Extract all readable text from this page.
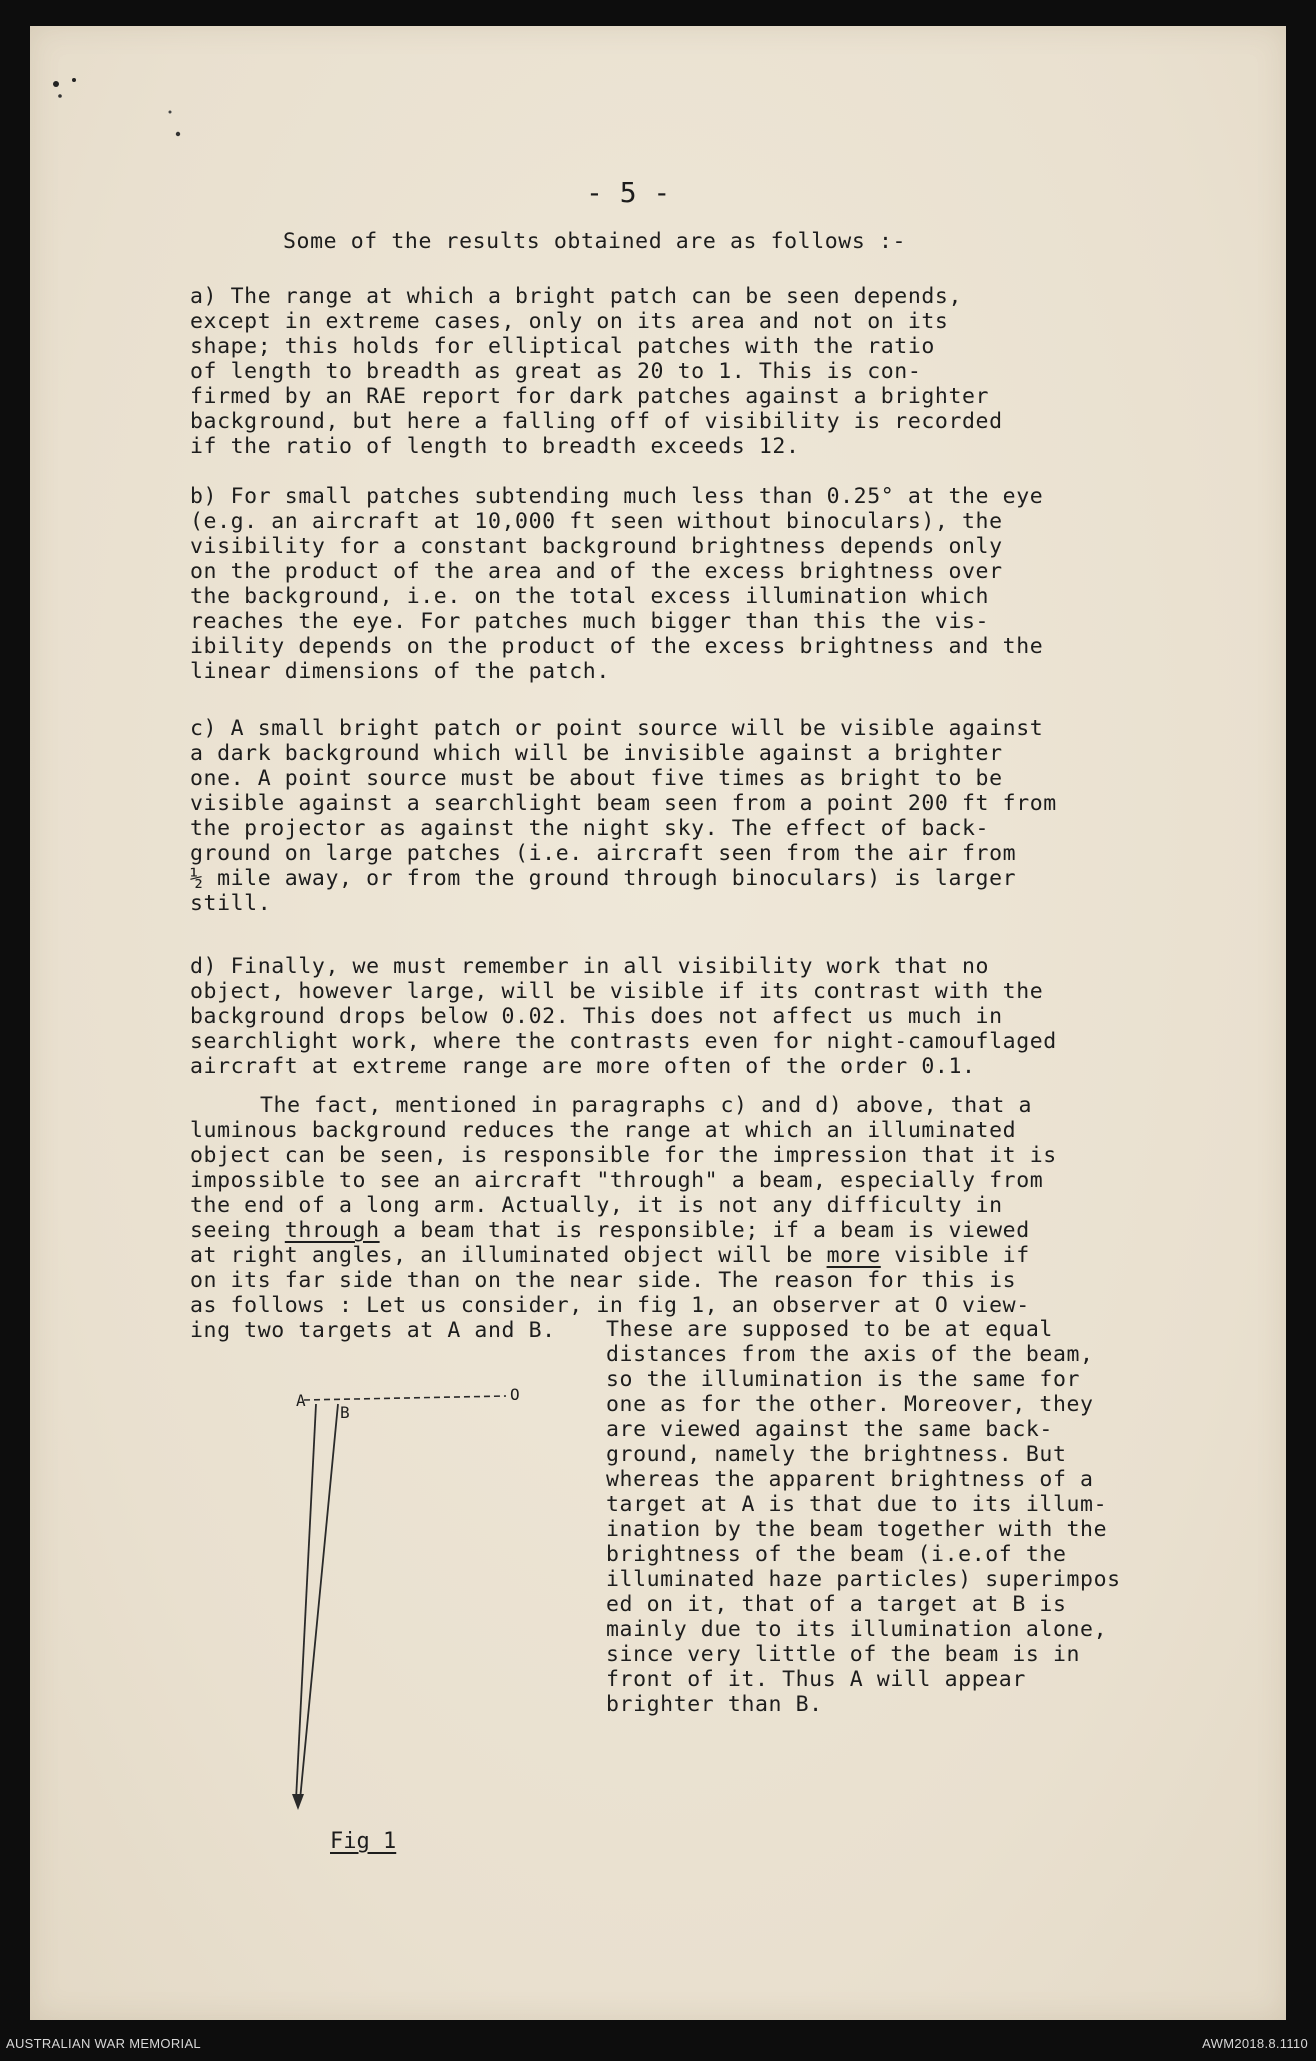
- 5 -
Some of the results obtained are as follows :-
a) The range at which a bright patch can be seen depends,
except in extreme cases, only on its area and not on its
shape; this holds for elliptical patches with the ratio
of length to breadth as great as 20 to 1. This is con-
firmed by an RAE report for dark patches against a brighter
background, but here a falling off of visibility is recorded
if the ratio of length to breadth exceeds 12.
b) For small patches subtending much less than 0.25° at the eye
(e.g. an aircraft at 10,000 ft seen without binoculars), the
visibility for a constant background brightness depends only
on the product of the area and of the excess brightness over
the background, i.e. on the total excess illumination which
reaches the eye. For patches much bigger than this the vis-
ibility depends on the product of the excess brightness and the
linear dimensions of the patch.
c) A small bright patch or point source will be visible against
a dark background which will be invisible against a brighter
one. A point source must be about five times as bright to be
visible against a searchlight beam seen from a point 200 ft from
the projector as against the night sky. The effect of back-
ground on large patches (i.e. aircraft seen from the air from
½ mile away, or from the ground through binoculars) is larger
still.
d) Finally, we must remember in all visibility work that no
object, however large, will be visible if its contrast with the
background drops below 0.02. This does not affect us much in
searchlight work, where the contrasts even for night-camouflaged
aircraft at extreme range are more often of the order 0.1.
The fact, mentioned in paragraphs c) and d) above, that a
luminous background reduces the range at which an illuminated
object can be seen, is responsible for the impression that it is
impossible to see an aircraft "through" a beam, especially from
the end of a long arm. Actually, it is not any difficulty in
seeing through a beam that is responsible; if a beam is viewed
at right angles, an illuminated object will be more visible if
on its far side than on the near side. The reason for this is
as follows : Let us consider, in fig 1, an observer at O view-
ing two targets at A and B.	These are supposed to be at equal
distances from the axis of the beam,
so the illumination is the same for
one as for the other. Moreover, they
are viewed against the same back-
ground, namely the brightness. But
whereas the apparent brightness of a
target at A is that due to its illum-
ination by the beam together with the
brightness of the beam (i.e.of the
illuminated haze particles) superimpos
ed on it, that of a target at B is
mainly due to its illumination alone,
since very little of the beam is in
front of it. Thus A will appear
brighter than B.
A
B
O
Fig 1
AUSTRALIAN WAR MEMORIAL	AWM2018.8.1110
